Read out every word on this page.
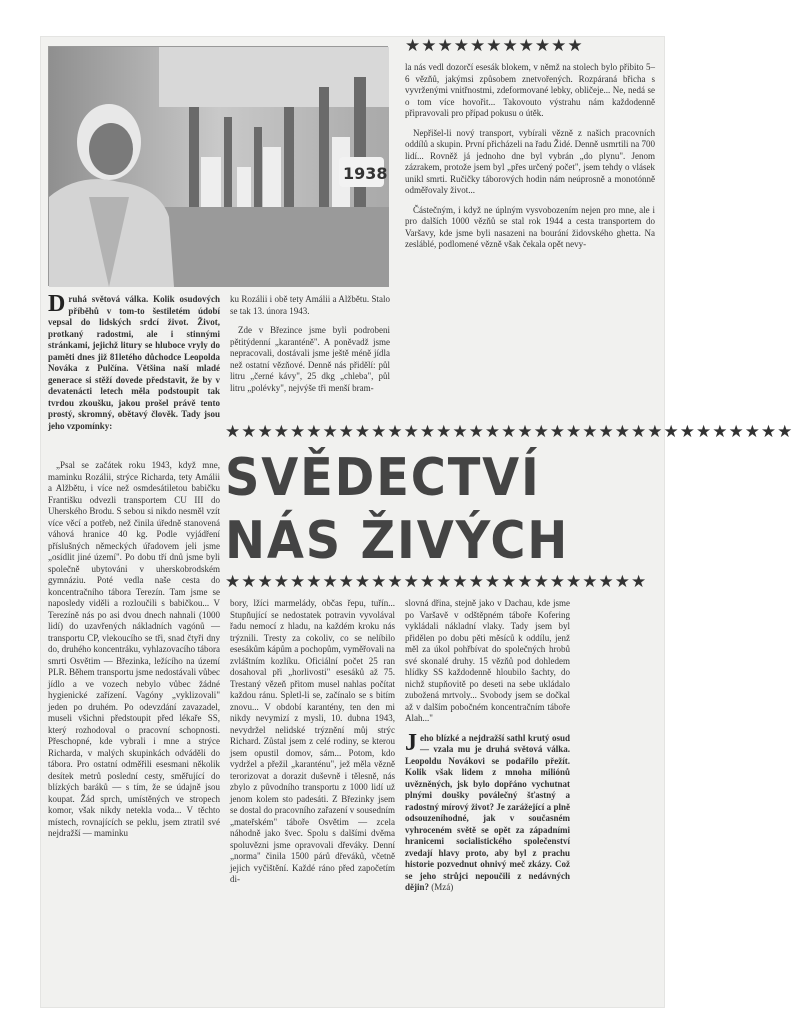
1938
★★★★★★★★★★★

D ruhá světová válka. Kolik osudových příběhů v tom-to šestiletém údobí vepsal do lidských srdcí život. Život, protkaný radostmi, ale i stinnými stránkami, jejichž litury se hluboce vryly do paměti dnes již 81letého důchodce Leopolda Nováka z Pulčína. Většina naší mladé generace si stěží dovede představit, že by v devatenácti letech měla podstoupit tak tvrdou zkoušku, jakou prošel právě tento prostý, skromný, obětavý člověk. Tady jsou jeho vzpomínky:

ku Rozálii i obě tety Amálii a Alžbětu. Stalo se tak 13. února 1943.

Zde v Březince jsme byli podrobeni pětitýdenní „karanténě". A poněvadž jsme nepracovali, dostávali jsme ještě méně jídla než ostatní vězňové. Denně nás přidělí: půl litru „černé kávy", 25 dkg „chleba", půl litru „polévky", nejvýše tři menší bram-

la nás vedl dozorčí esesák blokem, v němž na stolech bylo přibito 5–6 vězňů, jakýmsi způsobem znetvořených. Rozpáraná břicha s vyvrženými vnitřnostmi, zdeformované lebky, obličeje... Ne, nedá se o tom více hovořit... Takovouto výstrahu nám každodenně připravovali pro případ pokusu o útěk.

Nepřišel-li nový transport, vybírali vězně z našich pracovních oddílů a skupin. První přicházeli na řadu Židé. Denně usmrtili na 700 lidí... Rovněž já jednoho dne byl vybrán „do plynu". Jenom zázrakem, protože jsem byl „přes určený počet", jsem tehdy o vlásek unikl smrti. Ručičky táborových hodin nám neúprosně a monotónně odměřovaly život...

Částečným, i když ne úplným vysvobozením nejen pro mne, ale i pro dalších 1000 vězňů se stal rok 1944 a cesta transportem do Varšavy, kde jsme byli nasazeni na bourání židovského ghetta. Na zesláblé, podlomené vězně však čekala opět nevy-

★★★★★★★★★★★★★★★★★★★★★★★★★★★★★★★★★★★
SVĚDECTVÍ
NÁS ŽIVÝCH
★★★★★★★★★★★★★★★★★★★★★★★★★★

„Psal se začátek roku 1943, když mne, maminku Rozálii, strýce Richarda, tety Amálii a Alžbětu, i více než osmdesátiletou babičku Františku odvezli transportem CU III do Uherského Brodu. S sebou si nikdo nesměl vzít více věcí a potřeb, než činila úředně stanovená váhová hranice 40 kg. Podle vyjádření příslušných německých úřadovem jeli jsme „osídlit jiné území". Po dobu tří dnů jsme byli společně ubytováni v uherskobrodském gymnáziu. Poté vedla naše cesta do koncentračního tábora Terezín. Tam jsme se naposledy viděli a rozloučili s babičkou... V Terezíně nás po asi dvou dnech nahnali (1000 lidí) do uzavřených nákladních vagónů — transportu CP, vlekoucího se tři, snad čtyři dny do, druhého koncentráku, vyhlazovacího tábora smrti Osvětim — Březinka, ležícího na území PLR. Během transportu jsme nedostávali vůbec jídlo a ve vozech nebylo vůbec žádné hygienické zařízení. Vagóny „vyklizovali" jeden po druhém. Po odevzdání zavazadel, museli všichni předstoupit před lékaře SS, který rozhodoval o pracovní schopnosti. Přeschopné, kde vybrali i mne a strýce Richarda, v malých skupinkách odváděli do tábora. Pro ostatní odměřili esesmani několik desítek metrů poslední cesty, směřující do blízkých baráků — s tím, že se údajně jsou koupat. Žád sprch, umístěných ve stropech komor, však nikdy netekla voda... V těchto místech, rovnajících se peklu, jsem ztratil své nejdražší — maminku

bory, lžíci marmelády, občas řepu, tuřín... Stupňující se nedostatek potravin vyvolával řadu nemocí z hladu, na každém kroku nás trýznili. Tresty za cokoliv, co se nelíbilo esesákům kápům a pochopům, vyměřovali na zvláštním kozlíku. Oficiální počet 25 ran dosahoval při „horlivosti" esesáků až 75. Trestaný vězeň přitom musel nahlas počítat každou ránu. Spletl-li se, začínalo se s bitím znovu... V období karantény, ten den mi nikdy nevymizí z mysli, 10. dubna 1943, nevydržel nelidské trýznění můj strýc Richard. Zůstal jsem z celé rodiny, se kterou jsem opustil domov, sám... Potom, kdo vydržel a přežil „karanténu", jež měla vězně terorizovat a dorazit duševně i tělesně, nás zbylo z původního transportu z 1000 lidí už jenom kolem sto padesáti. Z Březinky jsem se dostal do pracovního zařazení v sousedním „mateřském" táboře Osvětim — zcela náhodně jako švec. Spolu s dalšími dvěma spoluvězni jsme opravovali dřeváky. Denní „norma" činila 1500 párů dřeváků, včetně jejich vyčištění. Každé ráno před započetím di-

slovná dřina, stejně jako v Dachau, kde jsme po Varšavě v odštěpném táboře Kofering vykládali nákladní vlaky. Tady jsem byl přidělen po dobu pěti měsíců k oddílu, jenž měl za úkol pohřbívat do společných hrobů své skonalé druhy. 15 vězňů pod dohledem hlídky SS každodenně hloubilo šachty, do nichž stupňovitě po deseti na sebe ukládalo zubožená mrtvoly... Svobody jsem se dočkal až v dalším pobočném koncentračním táboře Alah..."

J eho blízké a nejdražší sathl krutý osud — vzala mu je druhá světová válka. Leopoldu Novákovi se podařilo přežít. Kolik však lidem z mnoha miliónů uvězněných, jsk bylo dopřáno vychutnat plnými doušky poválečný šťastný a radostný mírový život? Je zarážející a plně odsouzeníhodné, jak v současném vyhroceném světě se opět za západními hranicemi socialistického společenství zvedají hlavy proto, aby byl z prachu historie pozvednut ohnivý meč zkázy. Což se jeho strůjci nepoučili z nedávných dějin? (Mzá)
